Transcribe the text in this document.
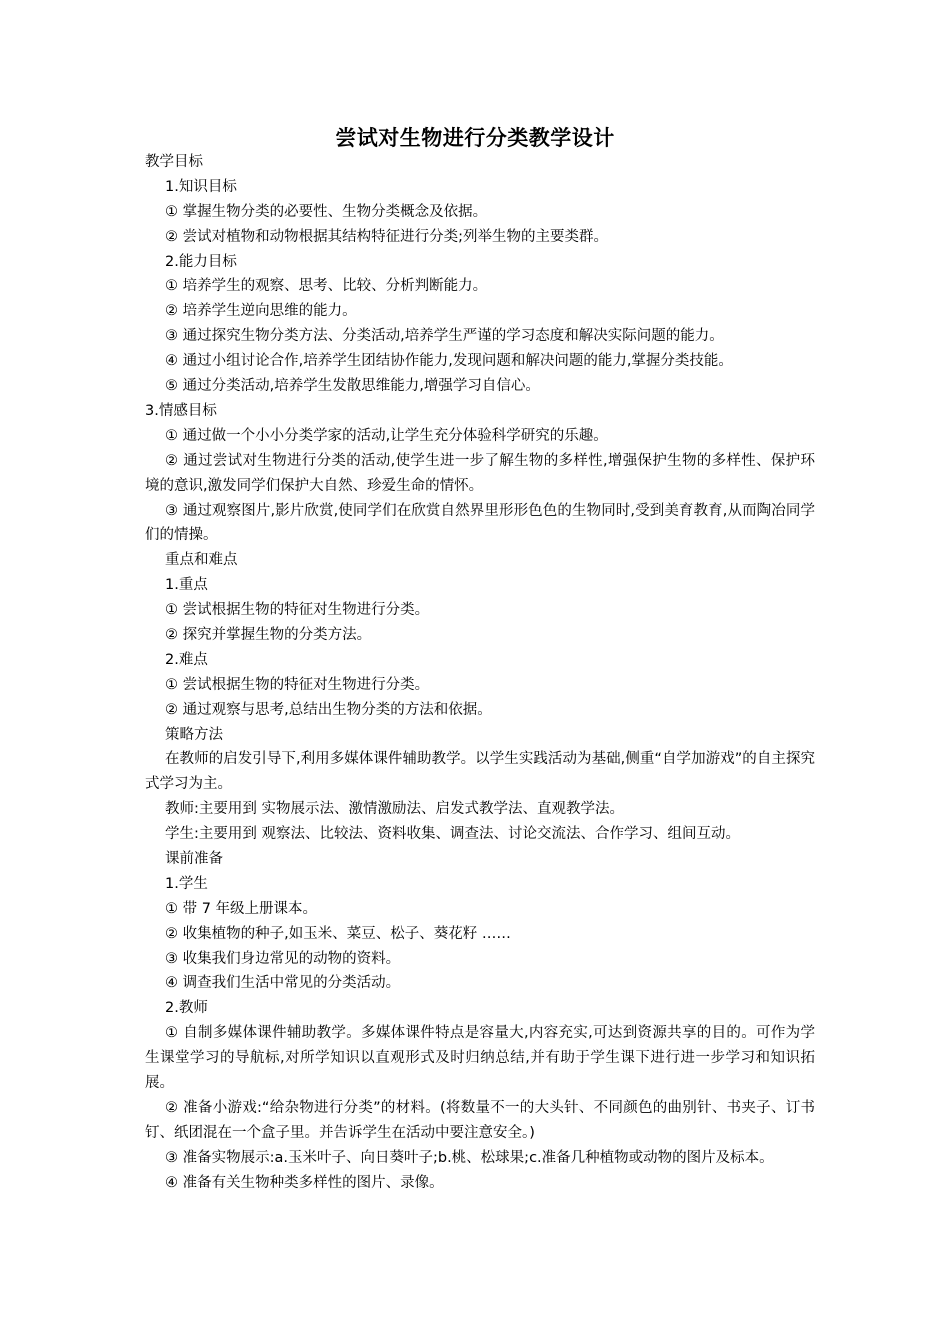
尝试对生物进行分类教学设计

教学目标

1.知识目标

① 掌握生物分类的必要性、生物分类概念及依据。

② 尝试对植物和动物根据其结构特征进行分类;列举生物的主要类群。

2.能力目标

① 培养学生的观察、思考、比较、分析判断能力。

② 培养学生逆向思维的能力。

③ 通过探究生物分类方法、分类活动,培养学生严谨的学习态度和解决实际问题的能力。

④ 通过小组讨论合作,培养学生团结协作能力,发现问题和解决问题的能力,掌握分类技能。

⑤ 通过分类活动,培养学生发散思维能力,增强学习自信心。

3.情感目标

① 通过做一个小小分类学家的活动,让学生充分体验科学研究的乐趣。

② 通过尝试对生物进行分类的活动,使学生进一步了解生物的多样性,增强保护生物的多样性、保护环境的意识,激发同学们保护大自然、珍爱生命的情怀。

③ 通过观察图片,影片欣赏,使同学们在欣赏自然界里形形色色的生物同时,受到美育教育,从而陶冶同学们的情操。

重点和难点

1.重点

① 尝试根据生物的特征对生物进行分类。

② 探究并掌握生物的分类方法。

2.难点

① 尝试根据生物的特征对生物进行分类。

② 通过观察与思考,总结出生物分类的方法和依据。

策略方法

在教师的启发引导下,利用多媒体课件辅助教学。以学生实践活动为基础,侧重“自学加游戏”的自主探究式学习为主。

教师:主要用到 实物展示法、激情激励法、启发式教学法、直观教学法。

学生:主要用到 观察法、比较法、资料收集、调查法、讨论交流法、合作学习、组间互动。

课前准备

1.学生

① 带 7 年级上册课本。

② 收集植物的种子,如玉米、菜豆、松子、葵花籽 ……

③ 收集我们身边常见的动物的资料。

④ 调查我们生活中常见的分类活动。

2.教师

① 自制多媒体课件辅助教学。多媒体课件特点是容量大,内容充实,可达到资源共享的目的。可作为学生课堂学习的导航标,对所学知识以直观形式及时归纳总结,并有助于学生课下进行进一步学习和知识拓展。

② 准备小游戏:“给杂物进行分类”的材料。(将数量不一的大头针、不同颜色的曲别针、书夹子、订书钉、纸团混在一个盒子里。并告诉学生在活动中要注意安全。)

③ 准备实物展示:a.玉米叶子、向日葵叶子;b.桃、松球果;c.准备几种植物或动物的图片及标本。

④ 准备有关生物种类多样性的图片、录像。
